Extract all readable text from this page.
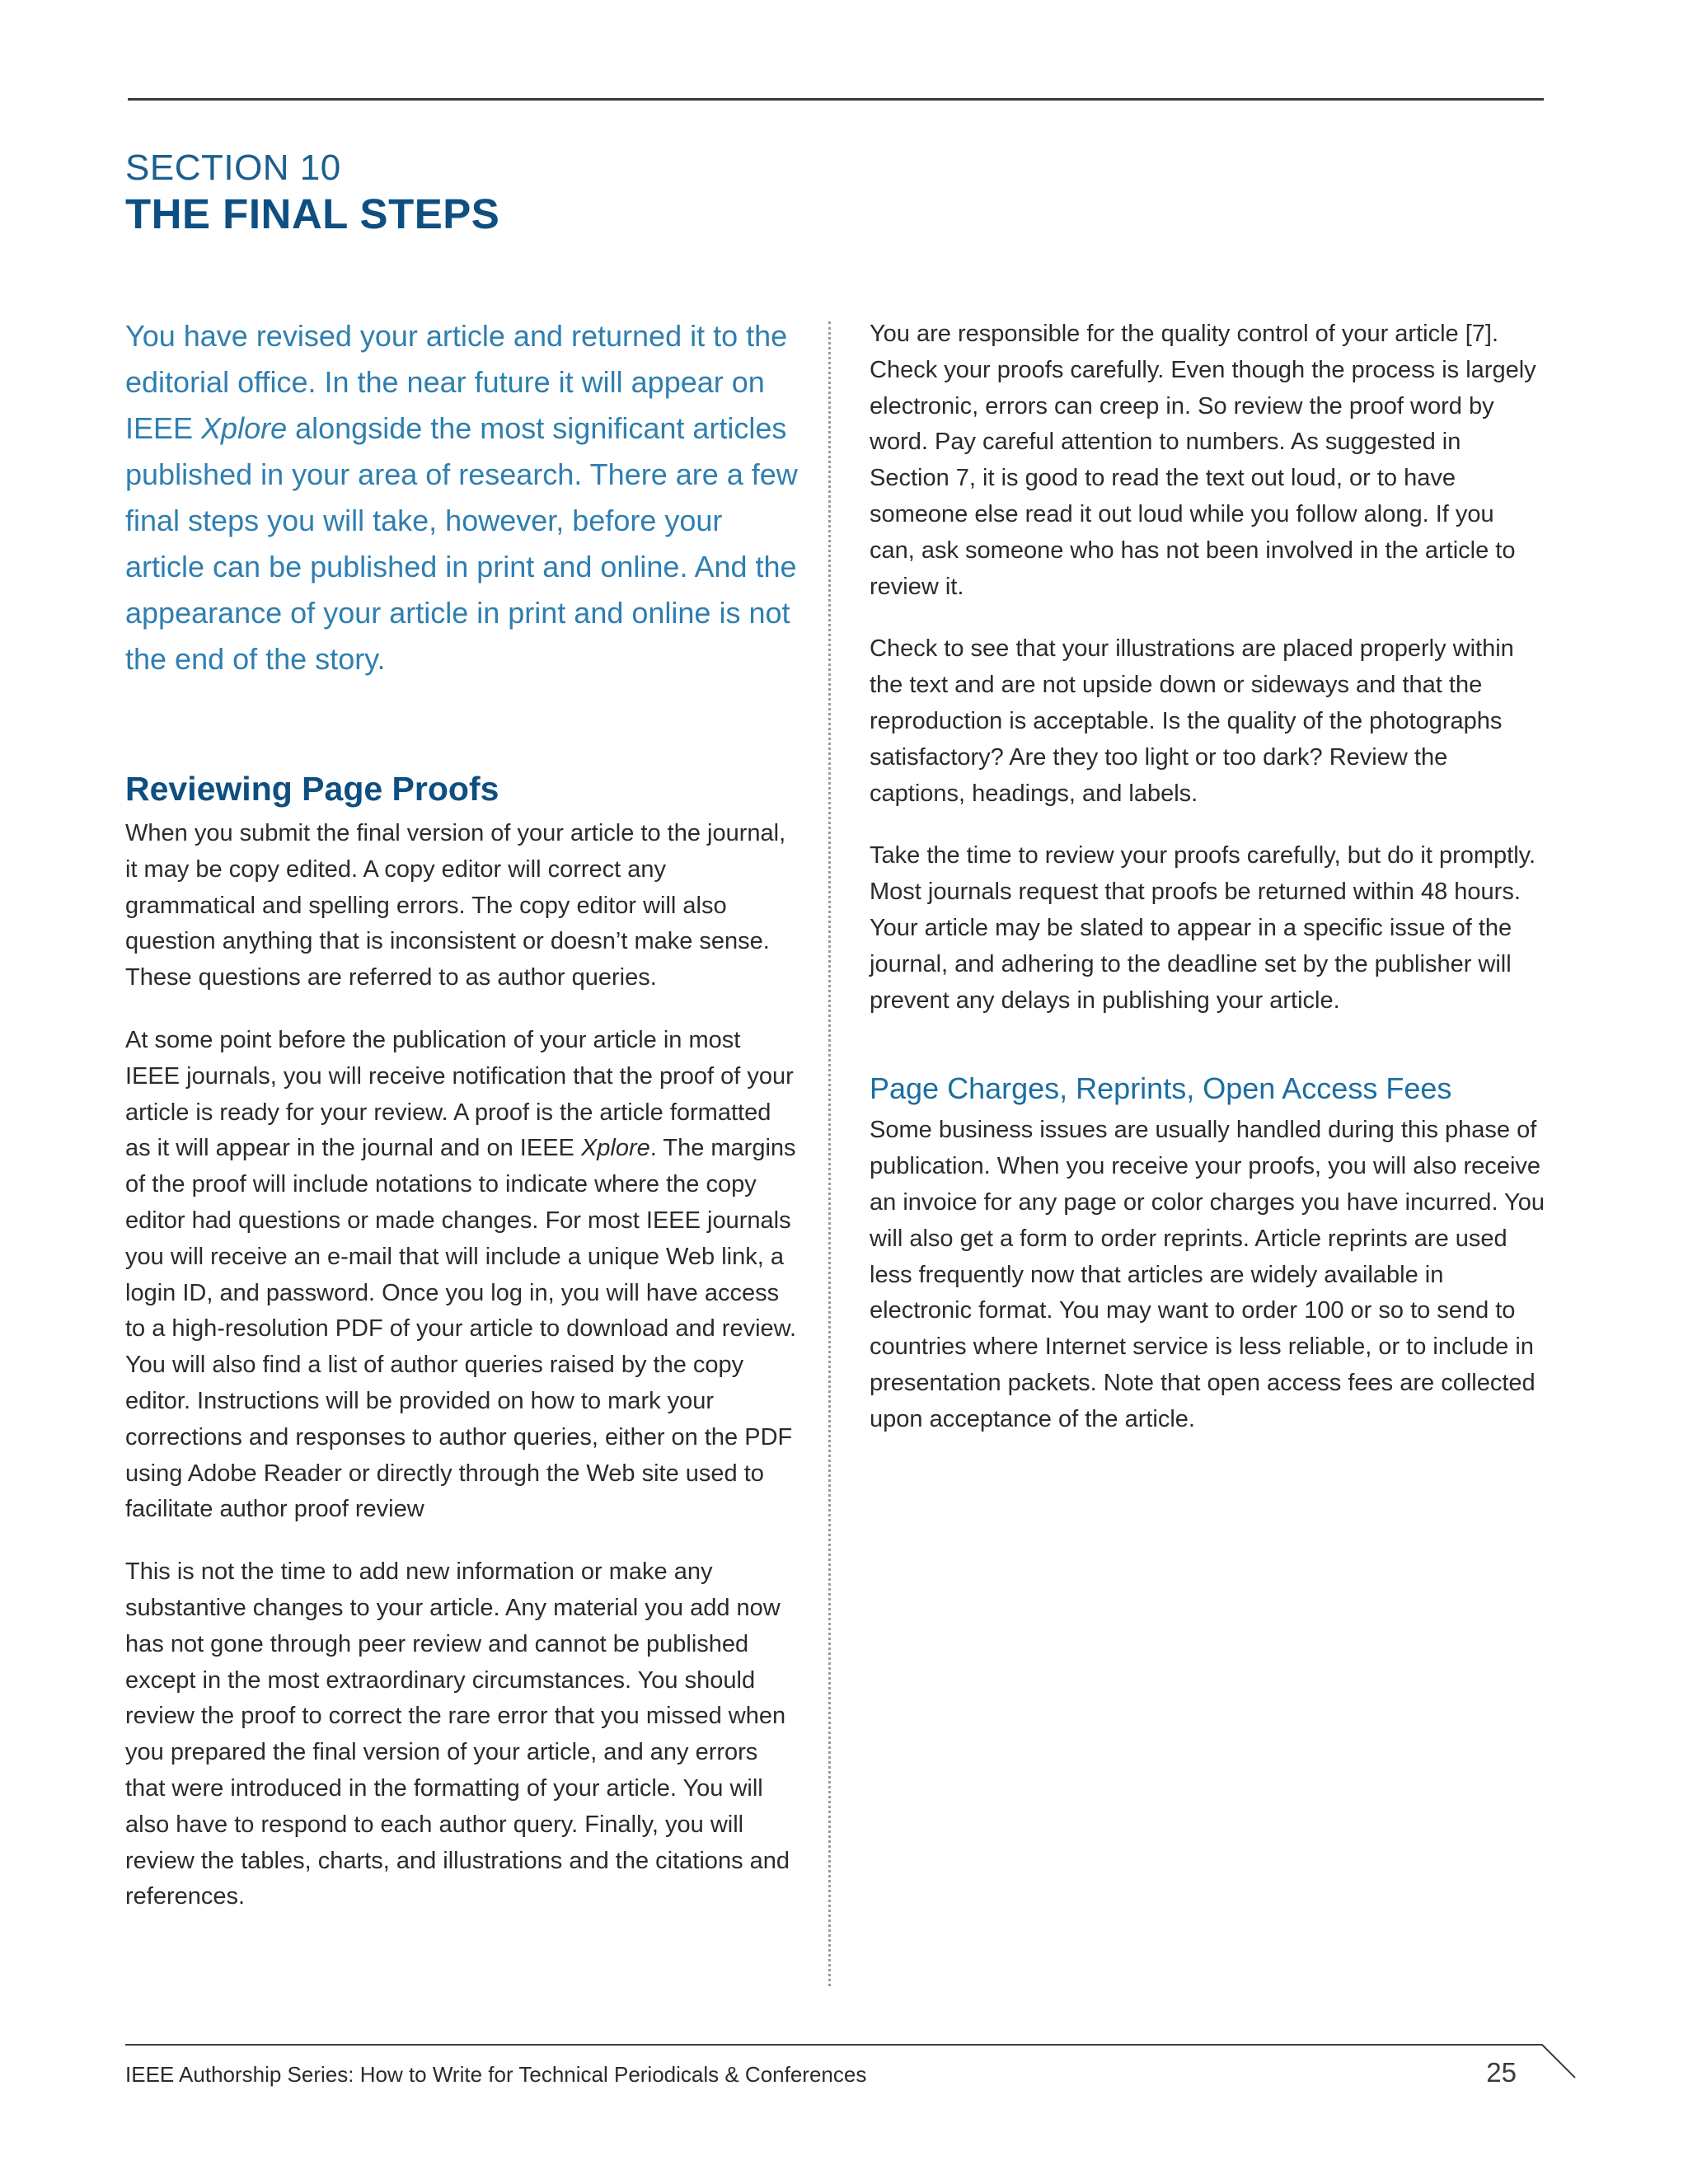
SECTION 10
THE FINAL STEPS

You have revised your article and returned it to the editorial office. In the near future it will appear on IEEE Xplore alongside the most significant articles published in your area of research. There are a few final steps you will take, however, before your article can be published in print and online. And the appearance of your article in print and online is not the end of the story.

Reviewing Page Proofs

When you submit the final version of your article to the journal, it may be copy edited. A copy editor will correct any grammatical and spelling errors. The copy editor will also question anything that is inconsistent or doesn’t make sense. These questions are referred to as author queries.

At some point before the publication of your article in most IEEE journals, you will receive notification that the proof of your article is ready for your review. A proof is the article formatted as it will appear in the journal and on IEEE Xplore. The margins of the proof will include notations to indicate where the copy editor had questions or made changes. For most IEEE journals you will receive an e-mail that will include a unique Web link, a login ID, and password. Once you log in, you will have access to a high-resolution PDF of your article to download and review. You will also find a list of author queries raised by the copy editor. Instructions will be provided on how to mark your corrections and responses to author queries, either on the PDF using Adobe Reader or directly through the Web site used to facilitate author proof review

This is not the time to add new information or make any substantive changes to your article. Any material you add now has not gone through peer review and cannot be published except in the most extraordinary circumstances. You should review the proof to correct the rare error that you missed when you prepared the final version of your article, and any errors that were introduced in the formatting of your article. You will also have to respond to each author query. Finally, you will review the tables, charts, and illustrations and the citations and references.

You are responsible for the quality control of your article [7]. Check your proofs carefully. Even though the process is largely electronic, errors can creep in. So review the proof word by word. Pay careful attention to numbers. As suggested in Section 7, it is good to read the text out loud, or to have someone else read it out loud while you follow along. If you can, ask someone who has not been involved in the article to review it.

Check to see that your illustrations are placed properly within the text and are not upside down or sideways and that the reproduction is acceptable. Is the quality of the photographs satisfactory? Are they too light or too dark? Review the captions, headings, and labels.

Take the time to review your proofs carefully, but do it promptly. Most journals request that proofs be returned within 48 hours. Your article may be slated to appear in a specific issue of the journal, and adhering to the deadline set by the publisher will prevent any delays in publishing your article.

Page Charges, Reprints, Open Access Fees

Some business issues are usually handled during this phase of publication. When you receive your proofs, you will also receive an invoice for any page or color charges you have incurred. You will also get a form to order reprints. Article reprints are used less frequently now that articles are widely available in electronic format. You may want to order 100 or so to send to countries where Internet service is less reliable, or to include in presentation packets. Note that open access fees are collected upon acceptance of the article.

IEEE Authorship Series: How to Write for Technical Periodicals & Conferences	25
